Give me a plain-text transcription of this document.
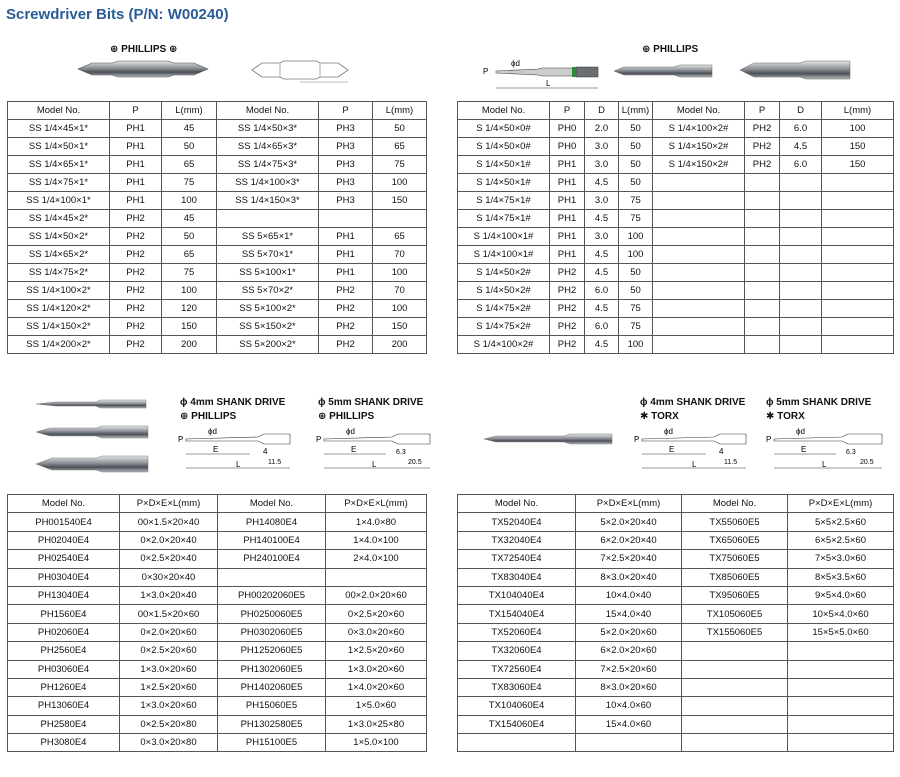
Screwdriver Bits (P/N: W00240)
⊕ PHILLIPS ⊕	⊕ PHILLIPS
P
ϕd
L
Model No.	P	L(mm)	Model No.	P	L(mm)
SS 1/4×45×1*	PH1	45	SS 1/4×50×3*	PH3	50
SS 1/4×50×1*	PH1	50	SS 1/4×65×3*	PH3	65
SS 1/4×65×1*	PH1	65	SS 1/4×75×3*	PH3	75
SS 1/4×75×1*	PH1	75	SS 1/4×100×3*	PH3	100
SS 1/4×100×1*	PH1	100	SS 1/4×150×3*	PH3	150
SS 1/4×45×2*	PH2	45			
SS 1/4×50×2*	PH2	50	SS 5×65×1*	PH1	65
SS 1/4×65×2*	PH2	65	SS 5×70×1*	PH1	70
SS 1/4×75×2*	PH2	75	SS 5×100×1*	PH1	100
SS 1/4×100×2*	PH2	100	SS 5×70×2*	PH2	70
SS 1/4×120×2*	PH2	120	SS 5×100×2*	PH2	100
SS 1/4×150×2*	PH2	150	SS 5×150×2*	PH2	150
SS 1/4×200×2*	PH2	200	SS 5×200×2*	PH2	200
Model No.	P	D	L(mm)	Model No.	P	D	L(mm)
S 1/4×50×0#	PH0	2.0	50	S 1/4×100×2#	PH2	6.0	100
S 1/4×50×0#	PH0	3.0	50	S 1/4×150×2#	PH2	4.5	150
S 1/4×50×1#	PH1	3.0	50	S 1/4×150×2#	PH2	6.0	150
S 1/4×50×1#	PH1	4.5	50				
S 1/4×75×1#	PH1	3.0	75				
S 1/4×75×1#	PH1	4.5	75				
S 1/4×100×1#	PH1	3.0	100				
S 1/4×100×1#	PH1	4.5	100				
S 1/4×50×2#	PH2	4.5	50				
S 1/4×50×2#	PH2	6.0	50				
S 1/4×75×2#	PH2	4.5	75				
S 1/4×75×2#	PH2	6.0	75				
S 1/4×100×2#	PH2	4.5	100				
ϕ 4mm SHANK DRIVE
⊕ PHILLIPS
ϕ 5mm SHANK DRIVE
⊕ PHILLIPS
P
ϕd
E	4
11.5
L
P
ϕd
E	6.3
20.5
L
ϕ 4mm SHANK DRIVE
✱ TORX
ϕ 5mm SHANK DRIVE
✱ TORX
P
ϕd
E	4
11.5
L
P
ϕd
E	6.3
20.5
L
Model No.	P×D×E×L(mm)	Model No.	P×D×E×L(mm)
PH001540E4	00×1.5×20×40	PH14080E4	1×4.0×80
PH02040E4	0×2.0×20×40	PH140100E4	1×4.0×100
PH02540E4	0×2.5×20×40	PH240100E4	2×4.0×100
PH03040E4	0×30×20×40		
PH13040E4	1×3.0×20×40	PH00202060E5	00×2.0×20×60
PH1560E4	00×1.5×20×60	PH0250060E5	0×2.5×20×60
PH02060E4	0×2.0×20×60	PH0302060E5	0×3.0×20×60
PH2560E4	0×2.5×20×60	PH1252060E5	1×2.5×20×60
PH03060E4	1×3.0×20×60	PH1302060E5	1×3.0×20×60
PH1260E4	1×2.5×20×60	PH1402060E5	1×4.0×20×60
PH13060E4	1×3.0×20×60	PH15060E5	1×5.0×60
PH2580E4	0×2.5×20×80	PH1302580E5	1×3.0×25×80
PH3080E4	0×3.0×20×80	PH15100E5	1×5.0×100
Model No.	P×D×E×L(mm)	Model No.	P×D×E×L(mm)
TX52040E4	5×2.0×20×40	TX55060E5	5×5×2.5×60
TX32040E4	6×2.0×20×40	TX65060E5	6×5×2.5×60
TX72540E4	7×2.5×20×40	TX75060E5	7×5×3.0×60
TX83040E4	8×3.0×20×40	TX85060E5	8×5×3.5×60
TX104040E4	10×4.0×40	TX95060E5	9×5×4.0×60
TX154040E4	15×4.0×40	TX105060E5	10×5×4.0×60
TX52060E4	5×2.0×20×60	TX155060E5	15×5×5.0×60
TX32060E4	6×2.0×20×60		
TX72560E4	7×2.5×20×60		
TX83060E4	8×3.0×20×60		
TX104060E4	10×4.0×60		
TX154060E4	15×4.0×60		
